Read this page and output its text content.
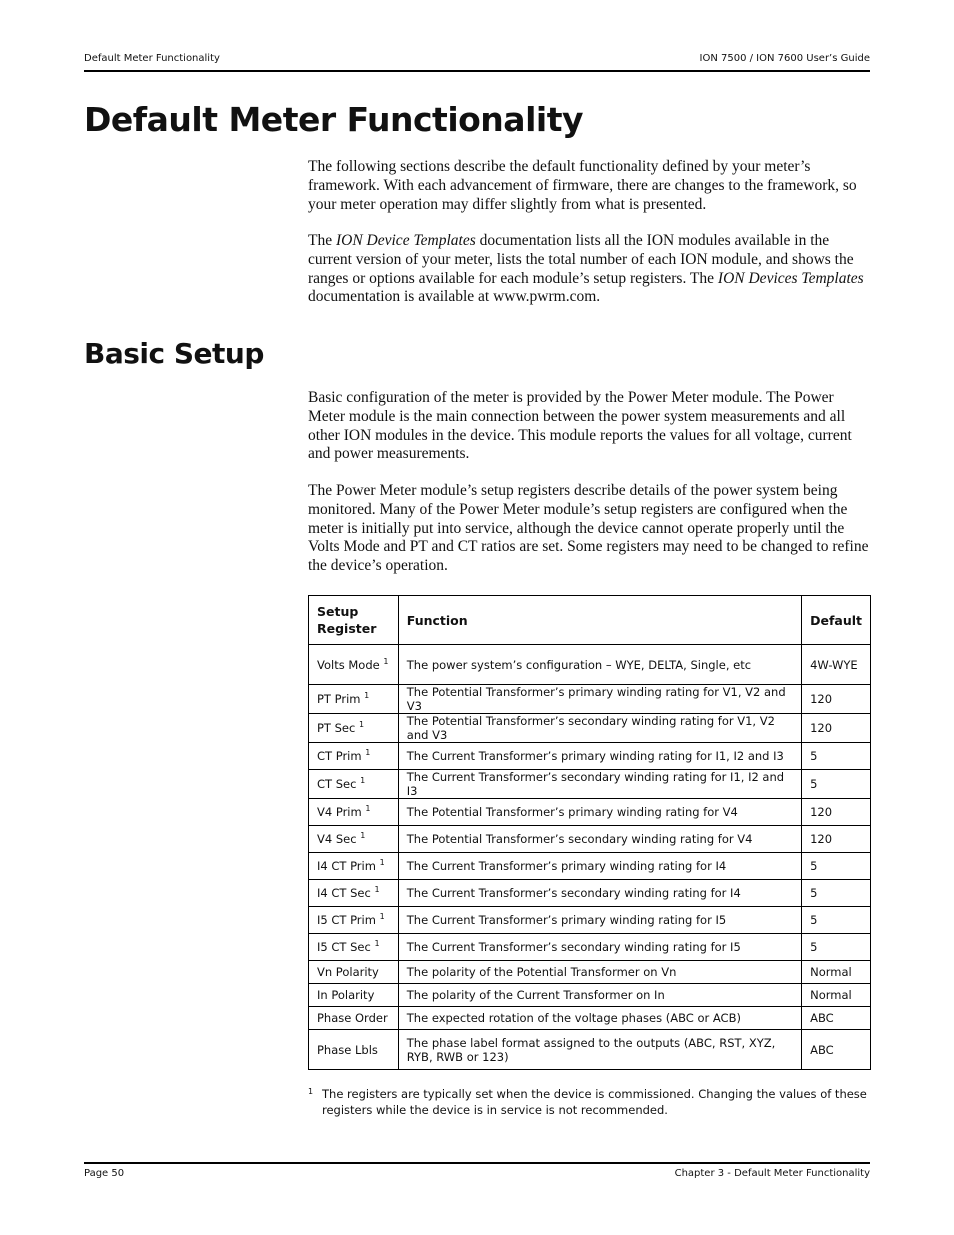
Default Meter Functionality	ION 7500 / ION 7600 User’s Guide
Default Meter Functionality

The following sections describe the default functionality defined by your meter’s framework. With each advancement of firmware, there are changes to the framework, so your meter operation may differ slightly from what is presented.

The ION Device Templates documentation lists all the ION modules available in the current version of your meter, lists the total number of each ION module, and shows the ranges or options available for each module’s setup registers. The ION Devices Templates documentation is available at www.pwrm.com.

Basic Setup

Basic configuration of the meter is provided by the Power Meter module. The Power Meter module is the main connection between the power system measurements and all other ION modules in the device. This module reports the values for all voltage, current and power measurements.

The Power Meter module’s setup registers describe details of the power system being monitored. Many of the Power Meter module’s setup registers are configured when the meter is initially put into service, although the device cannot operate properly until the Volts Mode and PT and CT ratios are set. Some registers may need to be changed to refine the device’s operation.

Setup
Register	Function	Default
Volts Mode $^1$	The power system’s configuration – WYE, DELTA, Single, etc	4W-WYE
PT Prim $^1$	The Potential Transformer’s primary winding rating for V1, V2 and V3	120
PT Sec $^1$	The Potential Transformer’s secondary winding rating for V1, V2 and V3	120
CT Prim $^1$	The Current Transformer’s primary winding rating for I1, I2 and I3	5
CT Sec $^1$	The Current Transformer’s secondary winding rating for I1, I2 and I3	5
V4 Prim $^1$	The Potential Transformer’s primary winding rating for V4	120
V4 Sec $^1$	The Potential Transformer’s secondary winding rating for V4	120
I4 CT Prim $^1$	The Current Transformer’s primary winding rating for I4	5
I4 CT Sec $^1$	The Current Transformer’s secondary winding rating for I4	5
I5 CT Prim $^1$	The Current Transformer’s primary winding rating for I5	5
I5 CT Sec $^1$	The Current Transformer’s secondary winding rating for I5	5
Vn Polarity	The polarity of the Potential Transformer on Vn	Normal
In Polarity	The polarity of the Current Transformer on In	Normal
Phase Order	The expected rotation of the voltage phases (ABC or ACB)	ABC
Phase Lbls	The phase label format assigned to the outputs (ABC, RST, XYZ, RYB, RWB or 123)	ABC
1 The registers are typically set when the device is commissioned. Changing the values of these registers while the device is in service is not recommended.
Page 50	Chapter 3 - Default Meter Functionality
